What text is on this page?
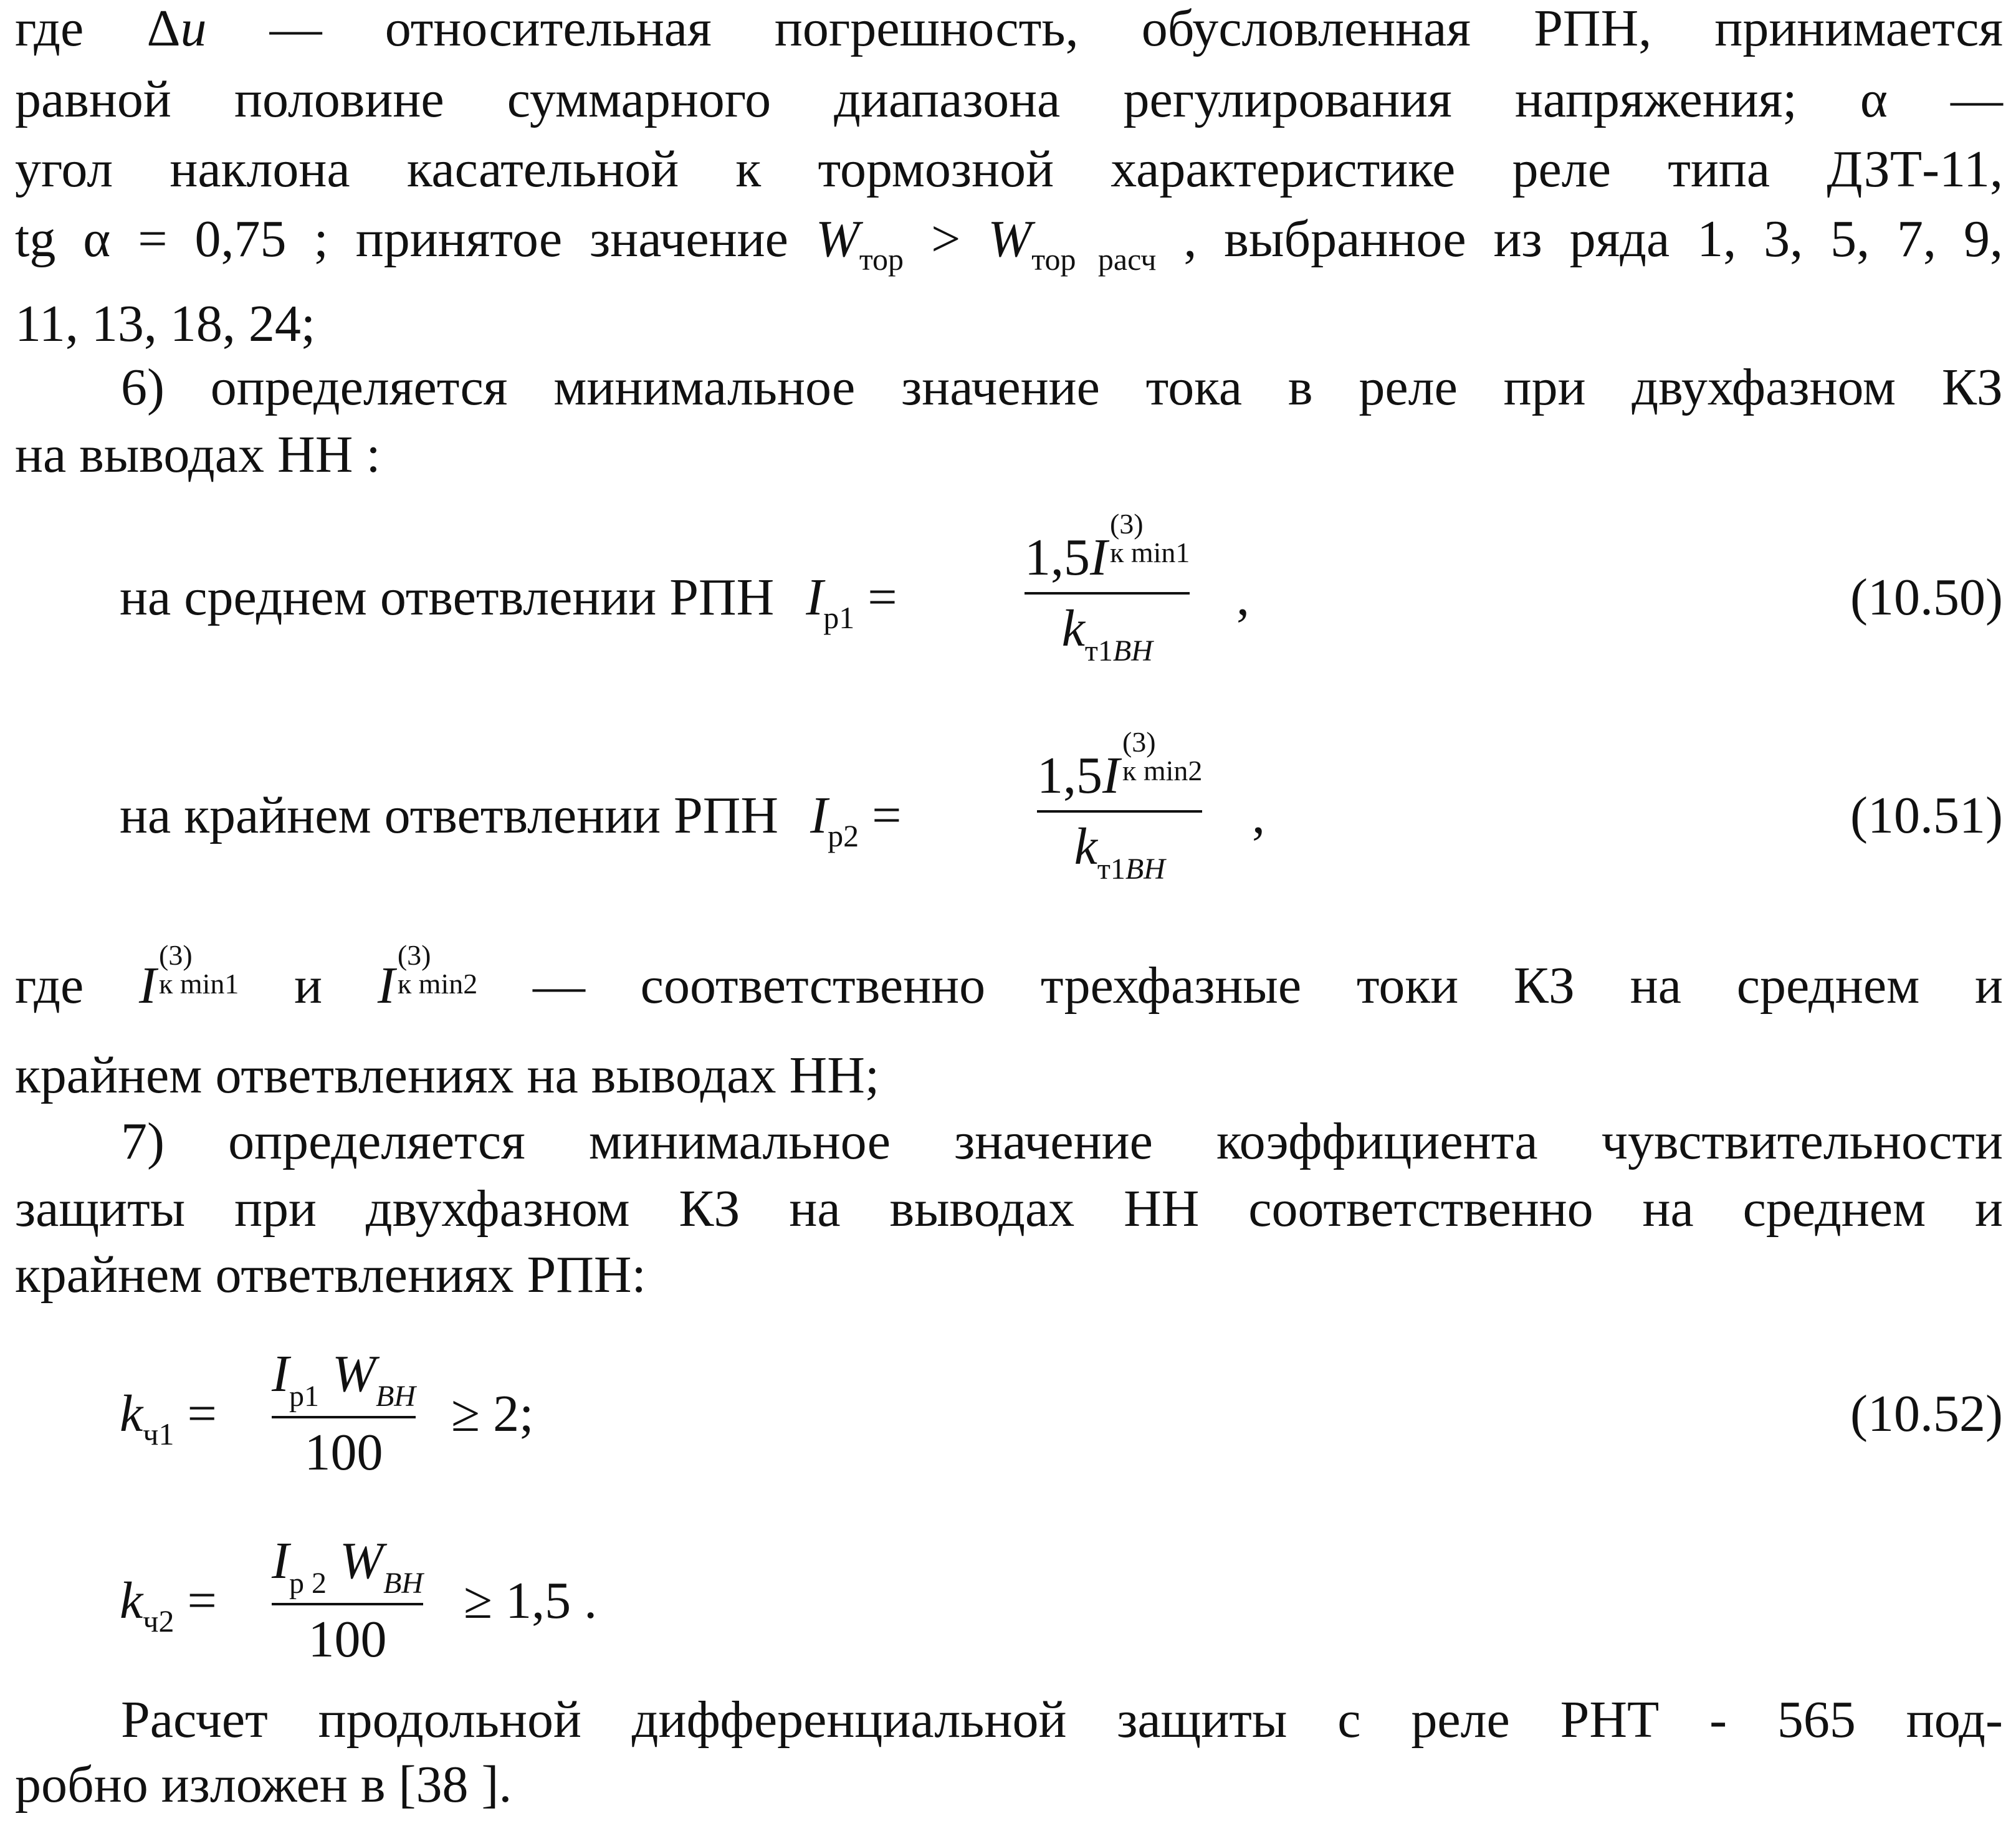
где Δu — относительная погрешность, обусловленная РПН, принимается
равной половине суммарного диапазона регулирования напряжения; α —
угол наклона касательной к тормозной характеристике реле типа ДЗТ-11,
tg α = 0,75 ; принятое значение $W_{тор} > W_{тор расч}$ , выбранное из ряда 1, 3, 5, 7, 9,
11, 13, 18, 24;
6) определяется минимальное значение тока в реле при двухфазном КЗ
на выводах НН :
на среднем ответвлении РПН $I_{р1}$ =
1,5I
(3)
к min1
$k_{т1ВН}$
,	(10.50)
на крайнем ответвлении РПН $I_{р2}$ =
1,5I
(3)
к min2
$k_{т1ВН}$
,	(10.51)
где I
(3)
к min1 и I
(3)
к min2 — соответственно трехфазные токи КЗ на среднем и
крайнем ответвлениях на выводах НН;
7) определяется минимальное значение коэффициента чувствительности
защиты при двухфазном КЗ на выводах НН соответственно на среднем и
крайнем ответвлениях РПН:
$k_{ч1}$ =
$I_{р1}$ $W_{ВН}$
100
≥ 2;	(10.52)
$k_{ч2}$ =
$I_{р 2}$ $W_{ВН}$
100
≥ 1,5 .
Расчет продольной дифференциальной защиты с реле РНТ - 565 под-
робно изложен в [38 ].
